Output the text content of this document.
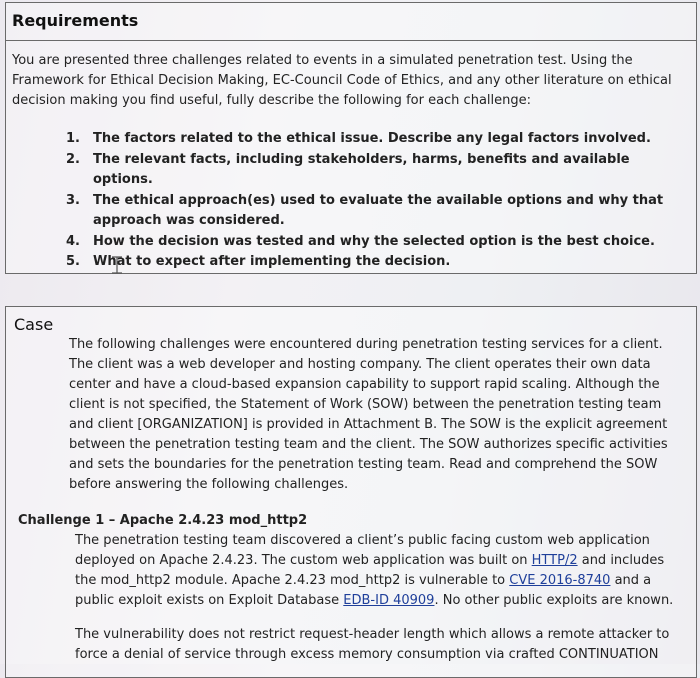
Requirements
You are presented three challenges related to events in a simulated penetration test. Using the Framework for Ethical Decision Making, EC-Council Code of Ethics, and any other literature on ethical decision making you find useful, fully describe the following for each challenge:
1. The factors related to the ethical issue. Describe any legal factors involved.
2. The relevant facts, including stakeholders, harms, benefits and available options.
3. The ethical approach(es) used to evaluate the available options and why that approach was considered.
4. How the decision was tested and why the selected option is the best choice.
5. What to expect after implementing the decision.
Case
The following challenges were encountered during penetration testing services for a client. The client was a web developer and hosting company. The client operates their own data center and have a cloud-based expansion capability to support rapid scaling. Although the client is not specified, the Statement of Work (SOW) between the penetration testing team and client [ORGANIZATION] is provided in Attachment B. The SOW is the explicit agreement between the penetration testing team and the client. The SOW authorizes specific activities and sets the boundaries for the penetration testing team. Read and comprehend the SOW before answering the following challenges.
Challenge 1 – Apache 2.4.23 mod_http2
The penetration testing team discovered a client’s public facing custom web application deployed on Apache 2.4.23. The custom web application was built on HTTP/2 and includes the mod_http2 module. Apache 2.4.23 mod_http2 is vulnerable to CVE 2016-8740 and a public exploit exists on Exploit Database EDB-ID 40909. No other public exploits are known.
The vulnerability does not restrict request-header length which allows a remote attacker to force a denial of service through excess memory consumption via crafted CONTINUATION
